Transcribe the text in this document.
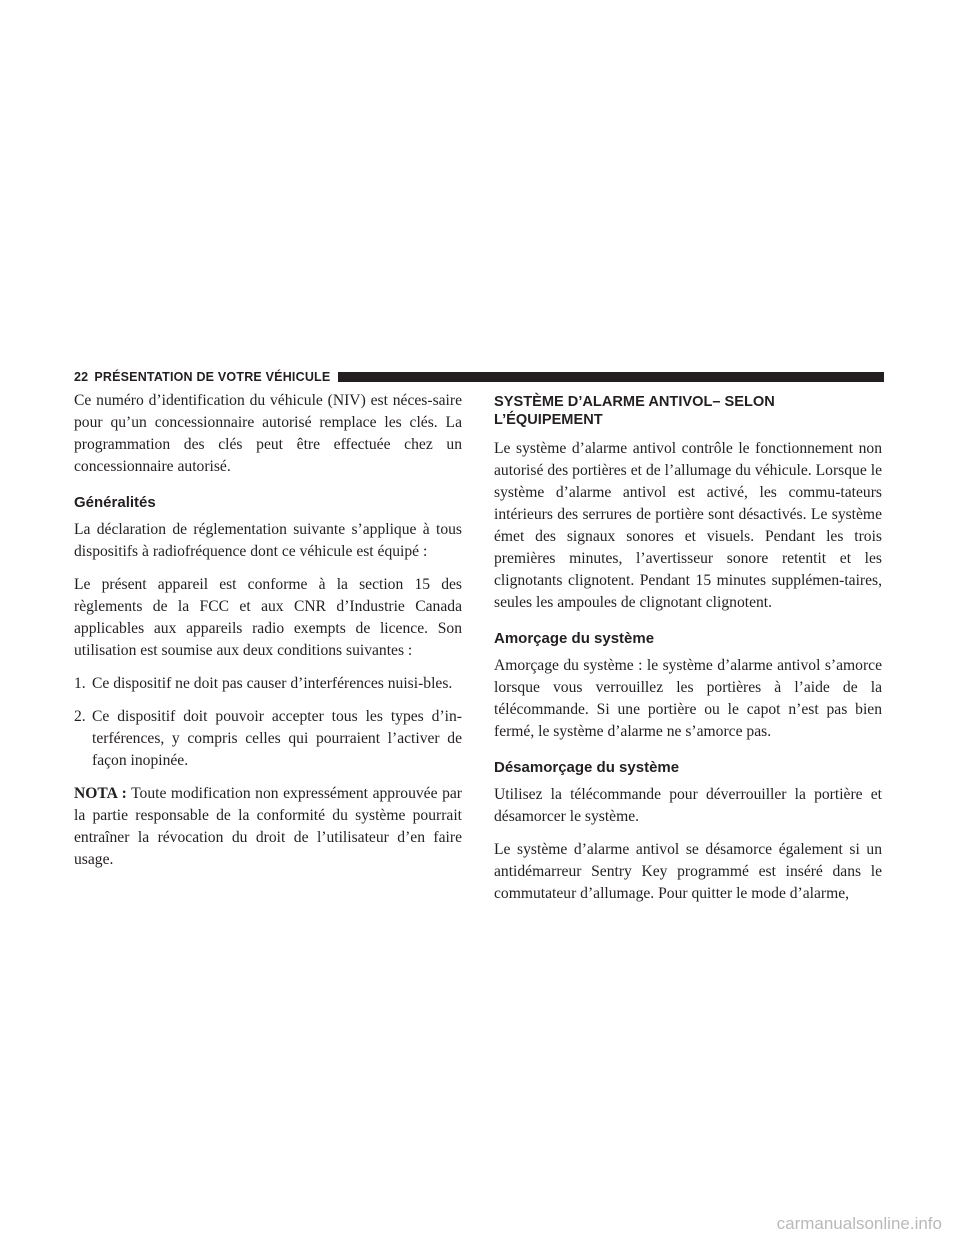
22 PRÉSENTATION DE VOTRE VÉHICULE

Ce numéro d’identification du véhicule (NIV) est néces-saire pour qu’un concessionnaire autorisé remplace les clés. La programmation des clés peut être effectuée chez un concessionnaire autorisé.

Généralités

La déclaration de réglementation suivante s’applique à tous dispositifs à radiofréquence dont ce véhicule est équipé :

Le présent appareil est conforme à la section 15 des règlements de la FCC et aux CNR d’Industrie Canada applicables aux appareils radio exempts de licence. Son utilisation est soumise aux deux conditions suivantes :

1. Ce dispositif ne doit pas causer d’interférences nuisi-bles.
2. Ce dispositif doit pouvoir accepter tous les types d’in-terférences, y compris celles qui pourraient l’activer de façon inopinée.

NOTA : Toute modification non expressément approuvée par la partie responsable de la conformité du système pourrait entraîner la révocation du droit de l’utilisateur d’en faire usage.

SYSTÈME D’ALARME ANTIVOL– SELON L’ÉQUIPEMENT

Le système d’alarme antivol contrôle le fonctionnement non autorisé des portières et de l’allumage du véhicule. Lorsque le système d’alarme antivol est activé, les commu-tateurs intérieurs des serrures de portière sont désactivés. Le système émet des signaux sonores et visuels. Pendant les trois premières minutes, l’avertisseur sonore retentit et les clignotants clignotent. Pendant 15 minutes supplémen-taires, seules les ampoules de clignotant clignotent.

Amorçage du système

Amorçage du système : le système d’alarme antivol s’amorce lorsque vous verrouillez les portières à l’aide de la télécommande. Si une portière ou le capot n’est pas bien fermé, le système d’alarme ne s’amorce pas.

Désamorçage du système

Utilisez la télécommande pour déverrouiller la portière et désamorcer le système.

Le système d’alarme antivol se désamorce également si un antidémarreur Sentry Key programmé est inséré dans le commutateur d’allumage. Pour quitter le mode d’alarme,

carmanualsonline.info
